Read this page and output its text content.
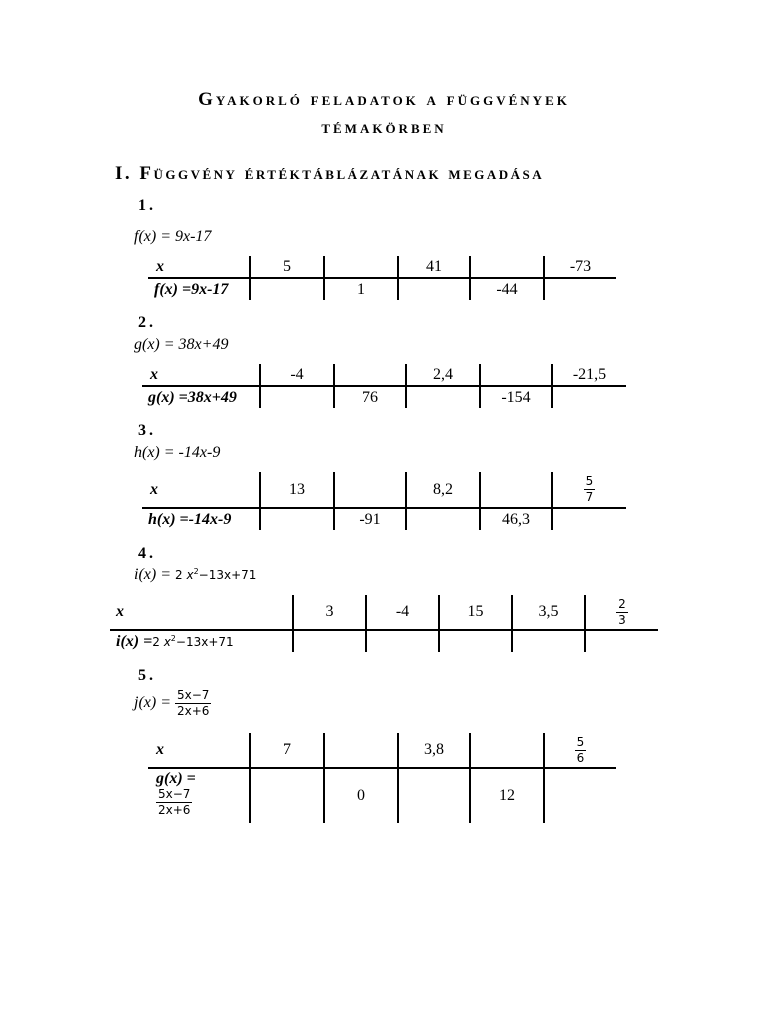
Gyakorló feladatok a függvények
témakörben
I. Függvény értéktáblázatának megadása
1.
f(x) = 9x-17
x	5		41		-73
f(x) =9x-17		1		-44	
2.
g(x) = 38x+49
x	-4		2,4		-21,5
g(x) =38x+49		76		-154	
3.
h(x) = -14x-9
x	13		8,2		$\frac{5}{7}$

h(x) =-14x-9		-91		46,3	
4.
i(x) = 2 $x^2-13x+71$
x	3	-4	15	3,5	$\frac{2}{3}$

i(x) =2 $x^2-13x+71$					
5.
$j(x) = \frac{5x-7}{2x+6}$
x	7		3,8		$\frac{5}{6}$

g(x) =
$\frac{5x-7}{2x+6}$		0		12	
